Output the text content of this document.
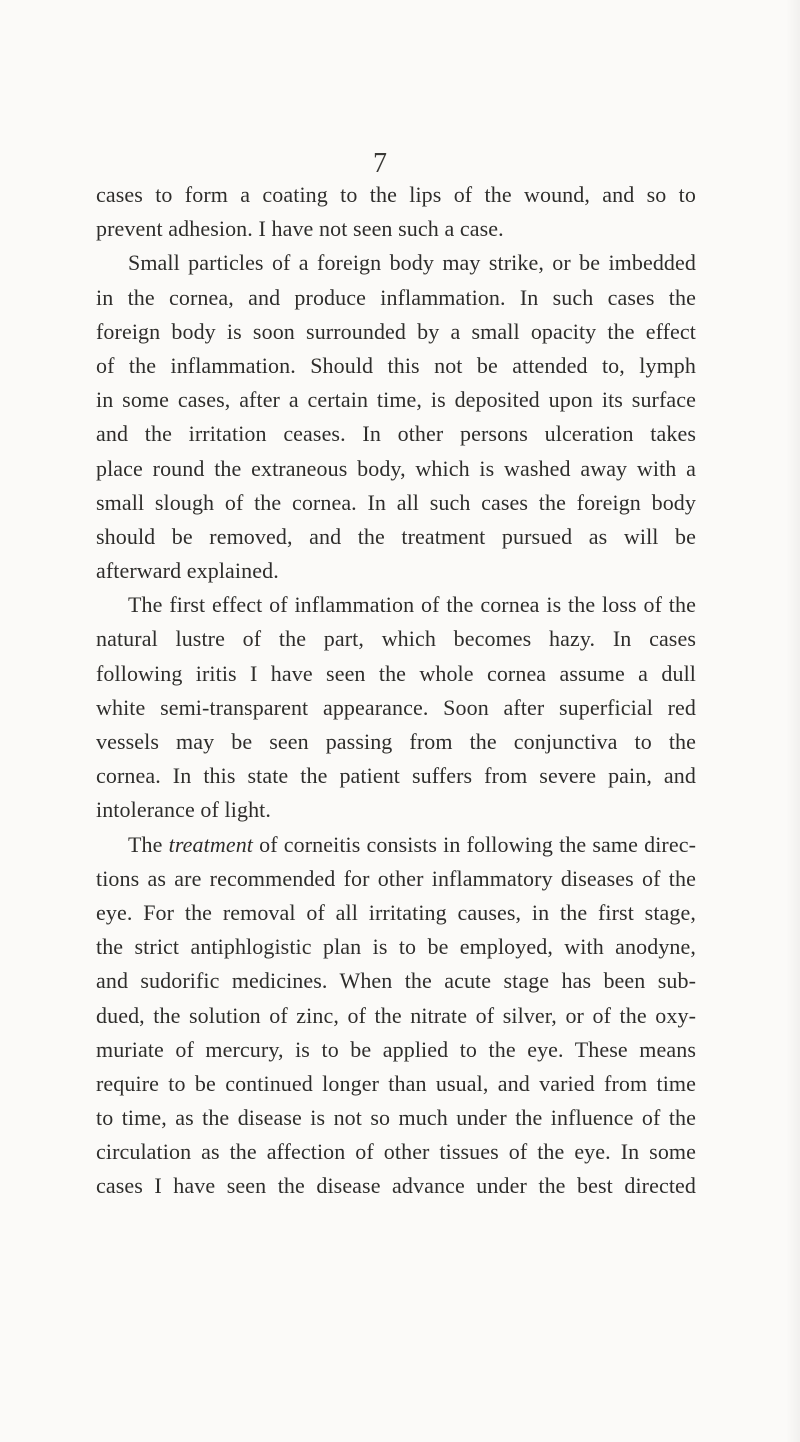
7
cases to form a coating to the lips of the wound, and so to
prevent adhesion. I have not seen such a case.
Small particles of a foreign body may strike, or be imbedded
in the cornea, and produce inflammation. In such cases the
foreign body is soon surrounded by a small opacity the effect
of the inflammation. Should this not be attended to, lymph
in some cases, after a certain time, is deposited upon its surface
and the irritation ceases. In other persons ulceration takes
place round the extraneous body, which is washed away with a
small slough of the cornea. In all such cases the foreign body
should be removed, and the treatment pursued as will be
afterward explained.
The first effect of inflammation of the cornea is the loss of the
natural lustre of the part, which becomes hazy. In cases
following iritis I have seen the whole cornea assume a dull
white semi-transparent appearance. Soon after superficial red
vessels may be seen passing from the conjunctiva to the
cornea. In this state the patient suffers from severe pain, and
intolerance of light.
The treatment of corneitis consists in following the same direc-
tions as are recommended for other inflammatory diseases of the
eye. For the removal of all irritating causes, in the first stage,
the strict antiphlogistic plan is to be employed, with anodyne,
and sudorific medicines. When the acute stage has been sub-
dued, the solution of zinc, of the nitrate of silver, or of the oxy-
muriate of mercury, is to be applied to the eye. These means
require to be continued longer than usual, and varied from time
to time, as the disease is not so much under the influence of the
circulation as the affection of other tissues of the eye. In some
cases I have seen the disease advance under the best directed
